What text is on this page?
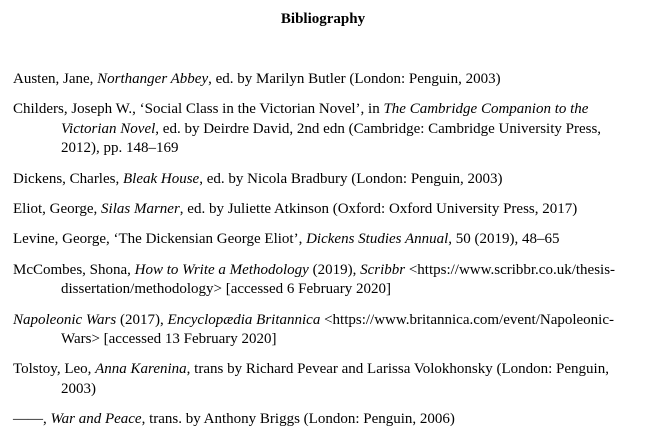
Bibliography

Austen, Jane, Northanger Abbey, ed. by Marilyn Butler (London: Penguin, 2003)

Childers, Joseph W., ‘Social Class in the Victorian Novel’, in The Cambridge Companion to the Victorian Novel, ed. by Deirdre David, 2nd edn (Cambridge: Cambridge University Press, 2012), pp. 148–169

Dickens, Charles, Bleak House, ed. by Nicola Bradbury (London: Penguin, 2003)

Eliot, George, Silas Marner, ed. by Juliette Atkinson (Oxford: Oxford University Press, 2017)

Levine, George, ‘The Dickensian George Eliot’, Dickens Studies Annual, 50 (2019), 48–65

McCombes, Shona, How to Write a Methodology (2019), Scribbr <https://www.scribbr.co.uk/thesis-dissertation/methodology> [accessed 6 February 2020]

Napoleonic Wars (2017), Encyclopædia Britannica <https://www.britannica.com/event/Napoleonic-Wars> [accessed 13 February 2020]

Tolstoy, Leo, Anna Karenina, trans by Richard Pevear and Larissa Volokhonsky (London: Penguin, 2003)

——, War and Peace, trans. by Anthony Briggs (London: Penguin, 2006)
